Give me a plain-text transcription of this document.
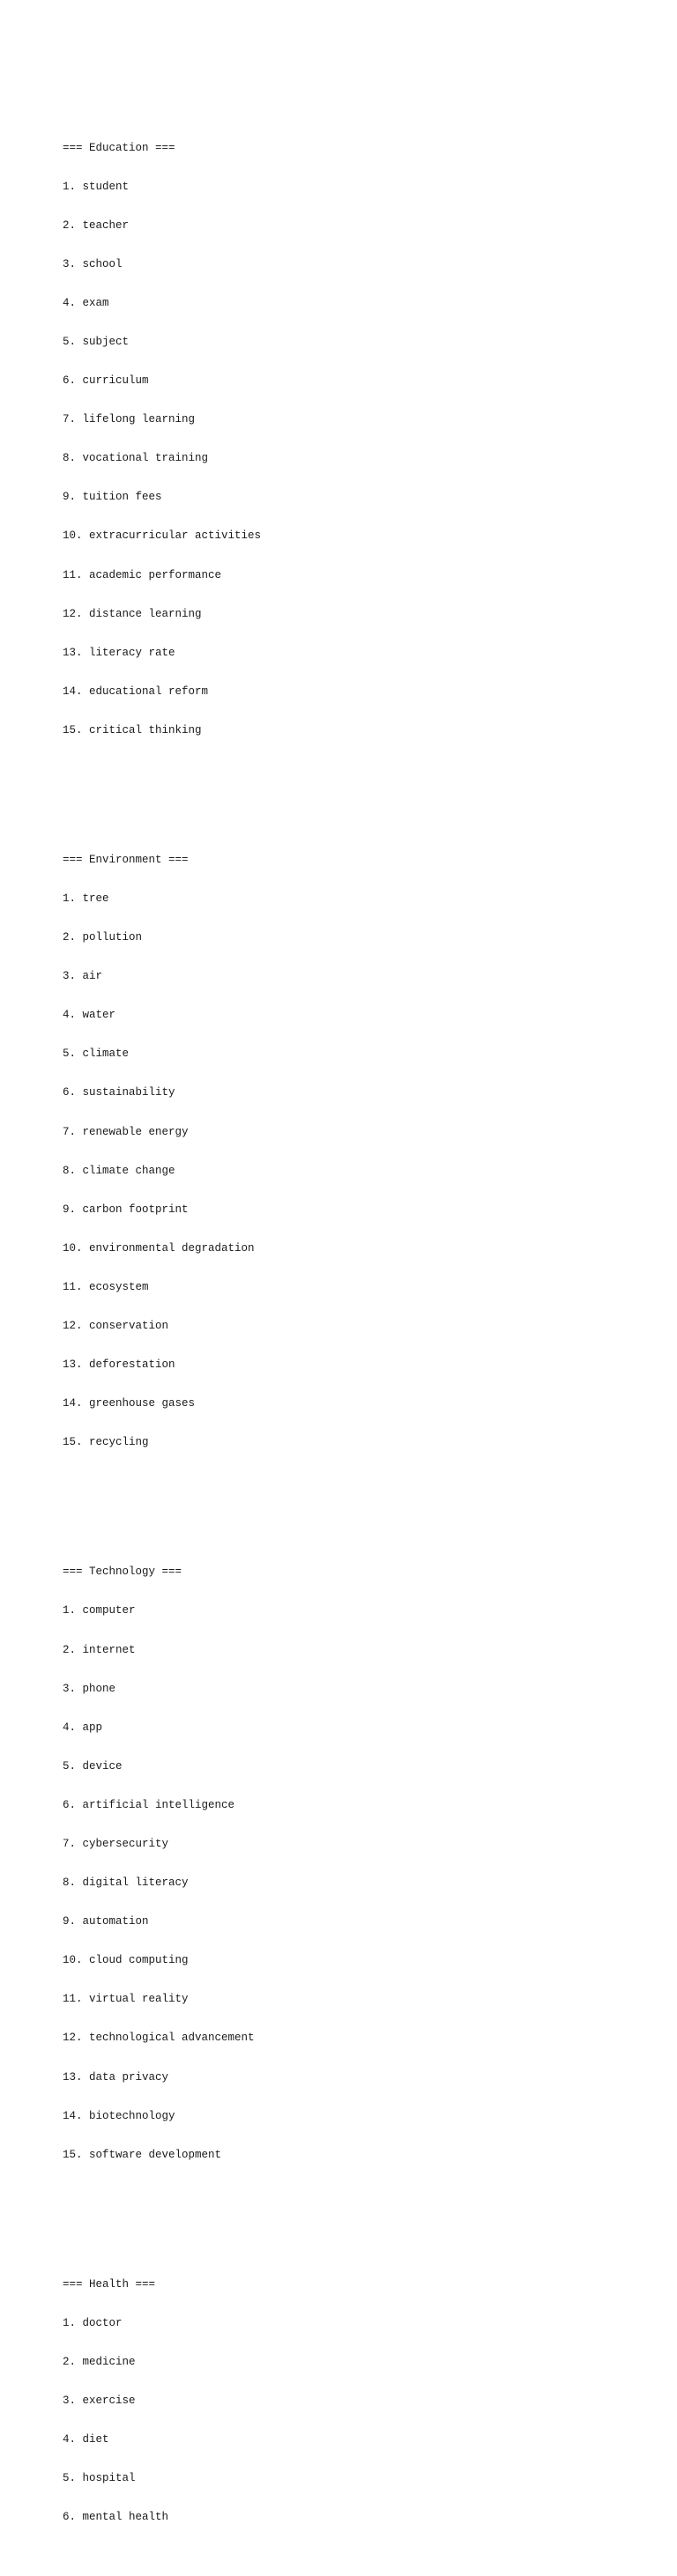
=== Education ===

1. student

2. teacher

3. school

4. exam

5. subject

6. curriculum

7. lifelong learning

8. vocational training

9. tuition fees

10. extracurricular activities

11. academic performance

12. distance learning

13. literacy rate

14. educational reform

15. critical thinking

=== Environment ===

1. tree

2. pollution

3. air

4. water

5. climate

6. sustainability

7. renewable energy

8. climate change

9. carbon footprint

10. environmental degradation

11. ecosystem

12. conservation

13. deforestation

14. greenhouse gases

15. recycling

=== Technology ===

1. computer

2. internet

3. phone

4. app

5. device

6. artificial intelligence

7. cybersecurity

8. digital literacy

9. automation

10. cloud computing

11. virtual reality

12. technological advancement

13. data privacy

14. biotechnology

15. software development

=== Health ===

1. doctor

2. medicine

3. exercise

4. diet

5. hospital

6. mental health
